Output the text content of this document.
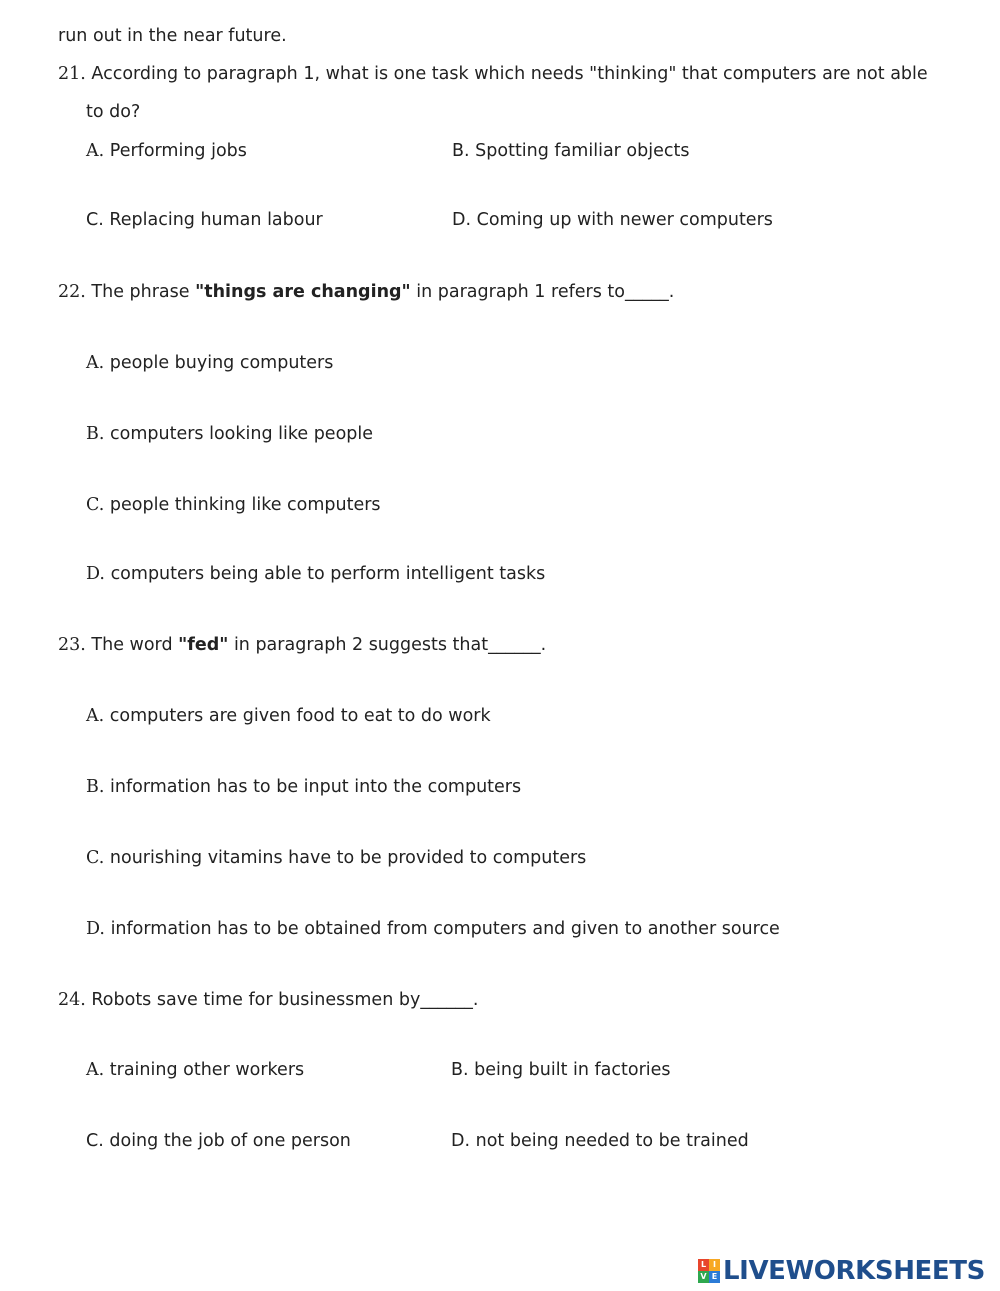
run out in the near future.
21. According to paragraph 1, what is one task which needs "thinking" that computers are not able
to do?
A. Performing jobs	B. Spotting familiar objects
C. Replacing human labour	D. Coming up with newer computers
22. The phrase "things are changing" in paragraph 1 refers to_____.
A. people buying computers
B. computers looking like people
C. people thinking like computers
D. computers being able to perform intelligent tasks
23. The word "fed" in paragraph 2 suggests that______.
A. computers are given food to eat to do work
B. information has to be input into the computers
C. nourishing vitamins have to be provided to computers
D. information has to be obtained from computers and given to another source
24. Robots save time for businessmen by______.
A. training other workers	B. being built in factories
C. doing the job of one person	D. not being needed to be trained
L I
V E LIVEWORKSHEETS
